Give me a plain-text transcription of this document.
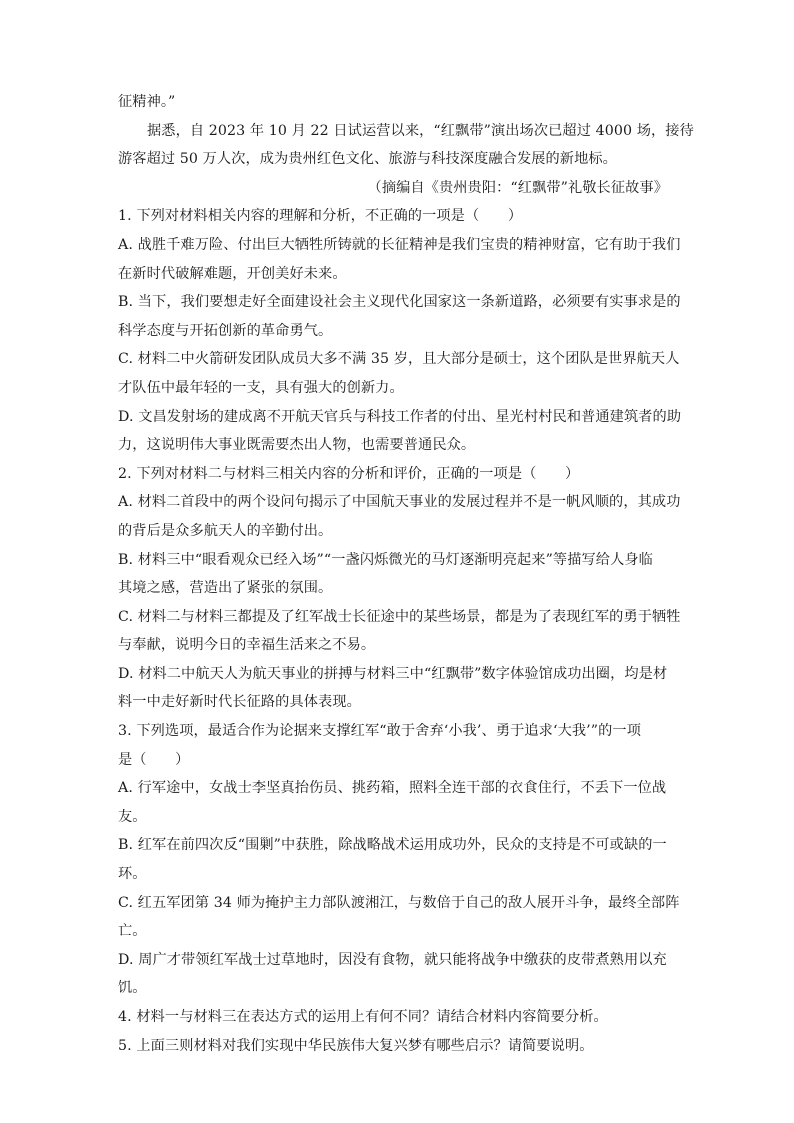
征精神。”
据悉，自 2023 年 10 月 22 日试运营以来，“红飘带”演出场次已超过 4000 场，接待
游客超过 50 万人次，成为贵州红色文化、旅游与科技深度融合发展的新地标。
（摘编自《贵州贵阳：“红飘带”礼敬长征故事》
1. 下列对材料相关内容的理解和分析，不正确的一项是（　　）
A. 战胜千难万险、付出巨大牺牲所铸就的长征精神是我们宝贵的精神财富，它有助于我们
在新时代破解难题，开创美好未来。
B. 当下，我们要想走好全面建设社会主义现代化国家这一条新道路，必须要有实事求是的
科学态度与开拓创新的革命勇气。
C. 材料二中火箭研发团队成员大多不满 35 岁，且大部分是硕士，这个团队是世界航天人
才队伍中最年轻的一支，具有强大的创新力。
D. 文昌发射场的建成离不开航天官兵与科技工作者的付出、星光村村民和普通建筑者的助
力，这说明伟大事业既需要杰出人物，也需要普通民众。
2. 下列对材料二与材料三相关内容的分析和评价，正确的一项是（　　）
A. 材料二首段中的两个设问句揭示了中国航天事业的发展过程并不是一帆风顺的，其成功
的背后是众多航天人的辛勤付出。
B. 材料三中“眼看观众已经入场”“一盏闪烁微光的马灯逐渐明亮起来”等描写给人身临
其境之感，营造出了紧张的氛围。
C. 材料二与材料三都提及了红军战士长征途中的某些场景，都是为了表现红军的勇于牺牲
与奉献，说明今日的幸福生活来之不易。
D. 材料二中航天人为航天事业的拼搏与材料三中“红飘带”数字体验馆成功出圈，均是材
料一中走好新时代长征路的具体表现。
3. 下列选项，最适合作为论据来支撑红军“敢于舍弃‘小我’、勇于追求‘大我’”的一项
是（　　）
A. 行军途中，女战士李坚真抬伤员、挑药箱，照料全连干部的衣食住行，不丢下一位战
友。
B. 红军在前四次反“围剿”中获胜，除战略战术运用成功外，民众的支持是不可或缺的一
环。
C. 红五军团第 34 师为掩护主力部队渡湘江，与数倍于自己的敌人展开斗争，最终全部阵
亡。
D. 周广才带领红军战士过草地时，因没有食物，就只能将战争中缴获的皮带煮熟用以充
饥。
4. 材料一与材料三在表达方式的运用上有何不同？请结合材料内容简要分析。
5. 上面三则材料对我们实现中华民族伟大复兴梦有哪些启示？请简要说明。
